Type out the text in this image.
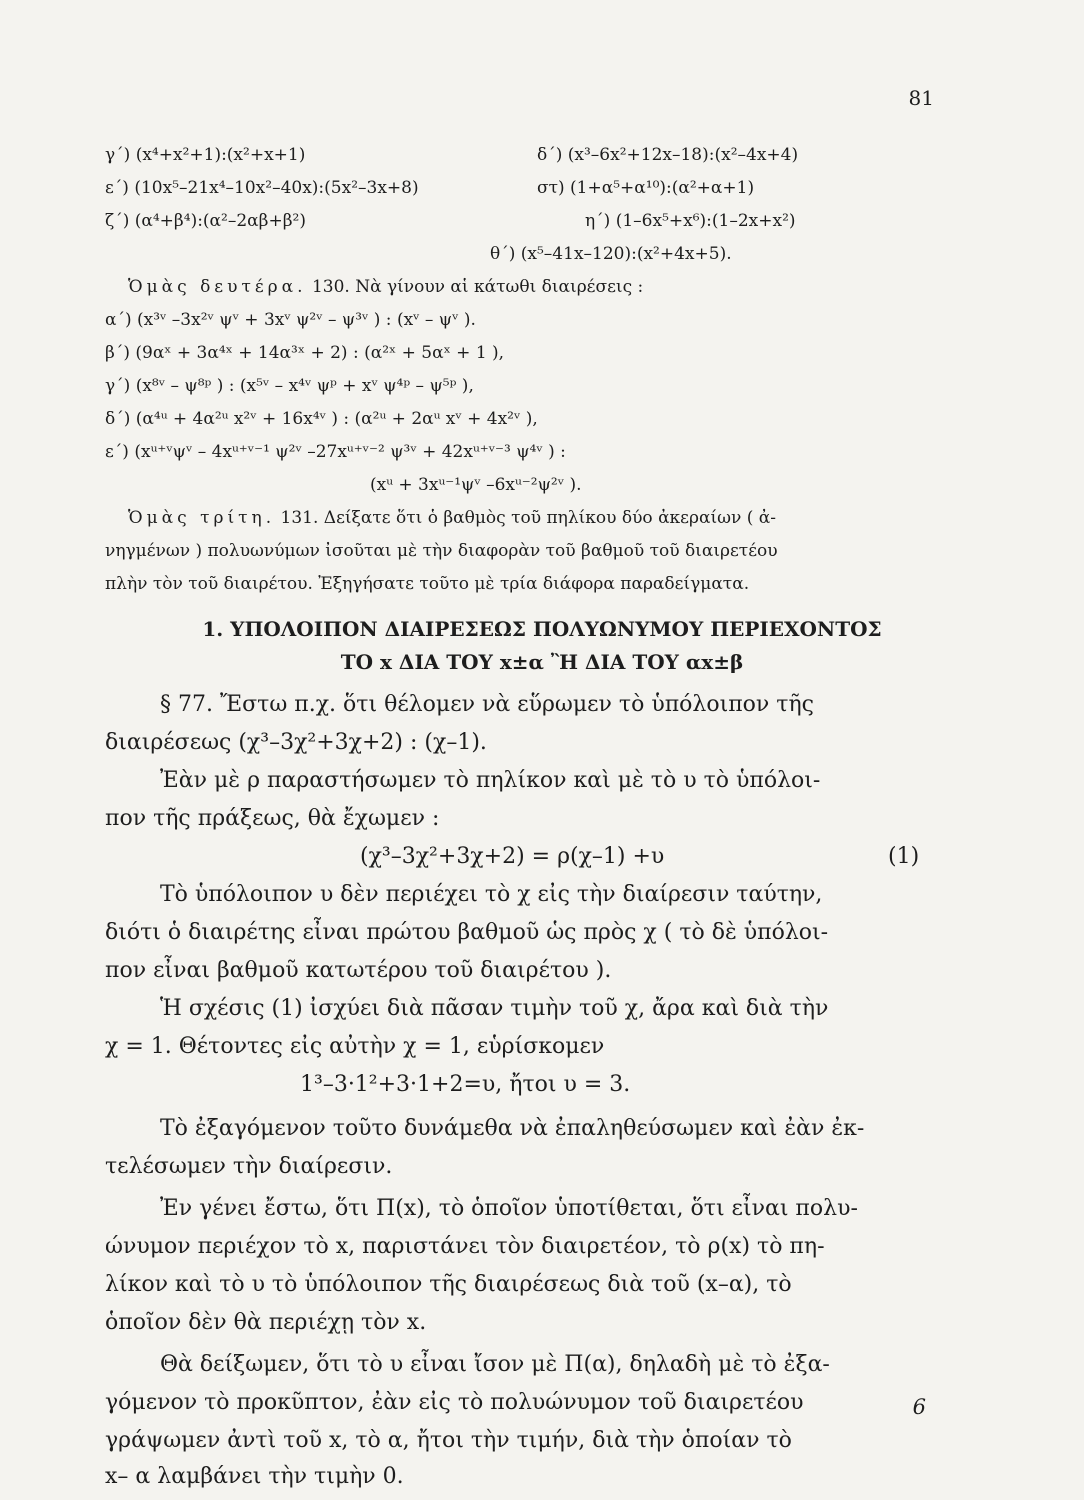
81
γ΄) (x⁴+x²+1):(x²+x+1)	δ΄) (x³–6x²+12x–18):(x²–4x+4)
ε΄) (10x⁵–21x⁴–10x²–40x):(5x²–3x+8)	στ) (1+α⁵+α¹⁰):(α²+α+1)
ζ΄) (α⁴+β⁴):(α²–2αβ+β²)	η΄) (1–6x⁵+x⁶):(1–2x+x²)
θ΄) (x⁵–41x–120):(x²+4x+5).
Ὁμὰς δευτέρα. 130. Νὰ γίνουν αἱ κάτωθι διαιρέσεις :
α΄) (x³ᵛ –3x²ᵛ ψᵛ + 3xᵛ ψ²ᵛ – ψ³ᵛ ) : (xᵛ – ψᵛ ).
β΄) (9αˣ + 3α⁴ˣ + 14α³ˣ + 2) : (α²ˣ + 5αˣ + 1 ),
γ΄) (x⁸ᵛ – ψ⁸ᵖ ) : (x⁵ᵛ – x⁴ᵛ ψᵖ + xᵛ ψ⁴ᵖ – ψ⁵ᵖ ),
δ΄) (α⁴ᵘ + 4α²ᵘ x²ᵛ + 16x⁴ᵛ ) : (α²ᵘ + 2αᵘ xᵛ + 4x²ᵛ ),
ε΄) (xᵘ⁺ᵛψᵛ – 4xᵘ⁺ᵛ⁻¹ ψ²ᵛ –27xᵘ⁺ᵛ⁻² ψ³ᵛ + 42xᵘ⁺ᵛ⁻³ ψ⁴ᵛ ) :
(xᵘ + 3xᵘ⁻¹ψᵛ –6xᵘ⁻²ψ²ᵛ ).
Ὁμὰς τρίτη. 131. Δείξατε ὅτι ὁ βαθμὸς τοῦ πηλίκου δύο ἀκεραίων ( ἀ-
νηγμένων ) πολυωνύμων ἰσοῦται μὲ τὴν διαφορὰν τοῦ βαθμοῦ τοῦ διαιρετέου
πλὴν τὸν τοῦ διαιρέτου. Ἐξηγήσατε τοῦτο μὲ τρία διάφορα παραδείγματα.
1. ΥΠΟΛΟΙΠΟΝ ΔΙΑΙΡΕΣΕΩΣ ΠΟΛΥΩΝΥΜΟΥ ΠΕΡΙΕΧΟΝΤΟΣ
ΤΟ x ΔΙΑ ΤΟΥ x±α Ἢ ΔΙΑ ΤΟΥ αx±β
§ 77. Ἔστω π.χ. ὅτι θέλομεν νὰ εὕρωμεν τὸ ὑπόλοιπον τῆς
διαιρέσεως (χ³–3χ²+3χ+2) : (χ–1).
Ἐὰν μὲ ρ παραστήσωμεν τὸ πηλίκον καὶ μὲ τὸ υ τὸ ὑπόλοι-
πον τῆς πράξεως, θὰ ἔχωμεν :
(χ³–3χ²+3χ+2) = ρ(χ–1) +υ	(1)
Τὸ ὑπόλοιπον υ δὲν περιέχει τὸ χ εἰς τὴν διαίρεσιν ταύτην,
διότι ὁ διαιρέτης εἶναι πρώτου βαθμοῦ ὡς πρὸς χ ( τὸ δὲ ὑπόλοι-
πον εἶναι βαθμοῦ κατωτέρου τοῦ διαιρέτου ).
Ἡ σχέσις (1) ἰσχύει διὰ πᾶσαν τιμὴν τοῦ χ, ἄρα καὶ διὰ τὴν
χ = 1. Θέτοντες εἰς αὐτὴν χ = 1, εὑρίσκομεν
1³–3·1²+3·1+2=υ, ἤτοι υ = 3.
Τὸ ἐξαγόμενον τοῦτο δυνάμεθα νὰ ἐπαληθεύσωμεν καὶ ἐὰν ἐκ-
τελέσωμεν τὴν διαίρεσιν.
Ἐν γένει ἔστω, ὅτι Π(x), τὸ ὁποῖον ὑποτίθεται, ὅτι εἶναι πολυ-
ώνυμον περιέχον τὸ x, παριστάνει τὸν διαιρετέον, τὸ ρ(x) τὸ πη-
λίκον καὶ τὸ υ τὸ ὑπόλοιπον τῆς διαιρέσεως διὰ τοῦ (x–α), τὸ
ὁποῖον δὲν θὰ περιέχῃ τὸν x.
Θὰ δείξωμεν, ὅτι τὸ υ εἶναι ἴσον μὲ Π(α), δηλαδὴ μὲ τὸ ἐξα-
γόμενον τὸ προκῦπτον, ἐὰν εἰς τὸ πολυώνυμον τοῦ διαιρετέου
γράψωμεν ἀντὶ τοῦ x, τὸ α, ἤτοι τὴν τιμήν, διὰ τὴν ὁποίαν τὸ
x– α λαμβάνει τὴν τιμὴν 0.
6
